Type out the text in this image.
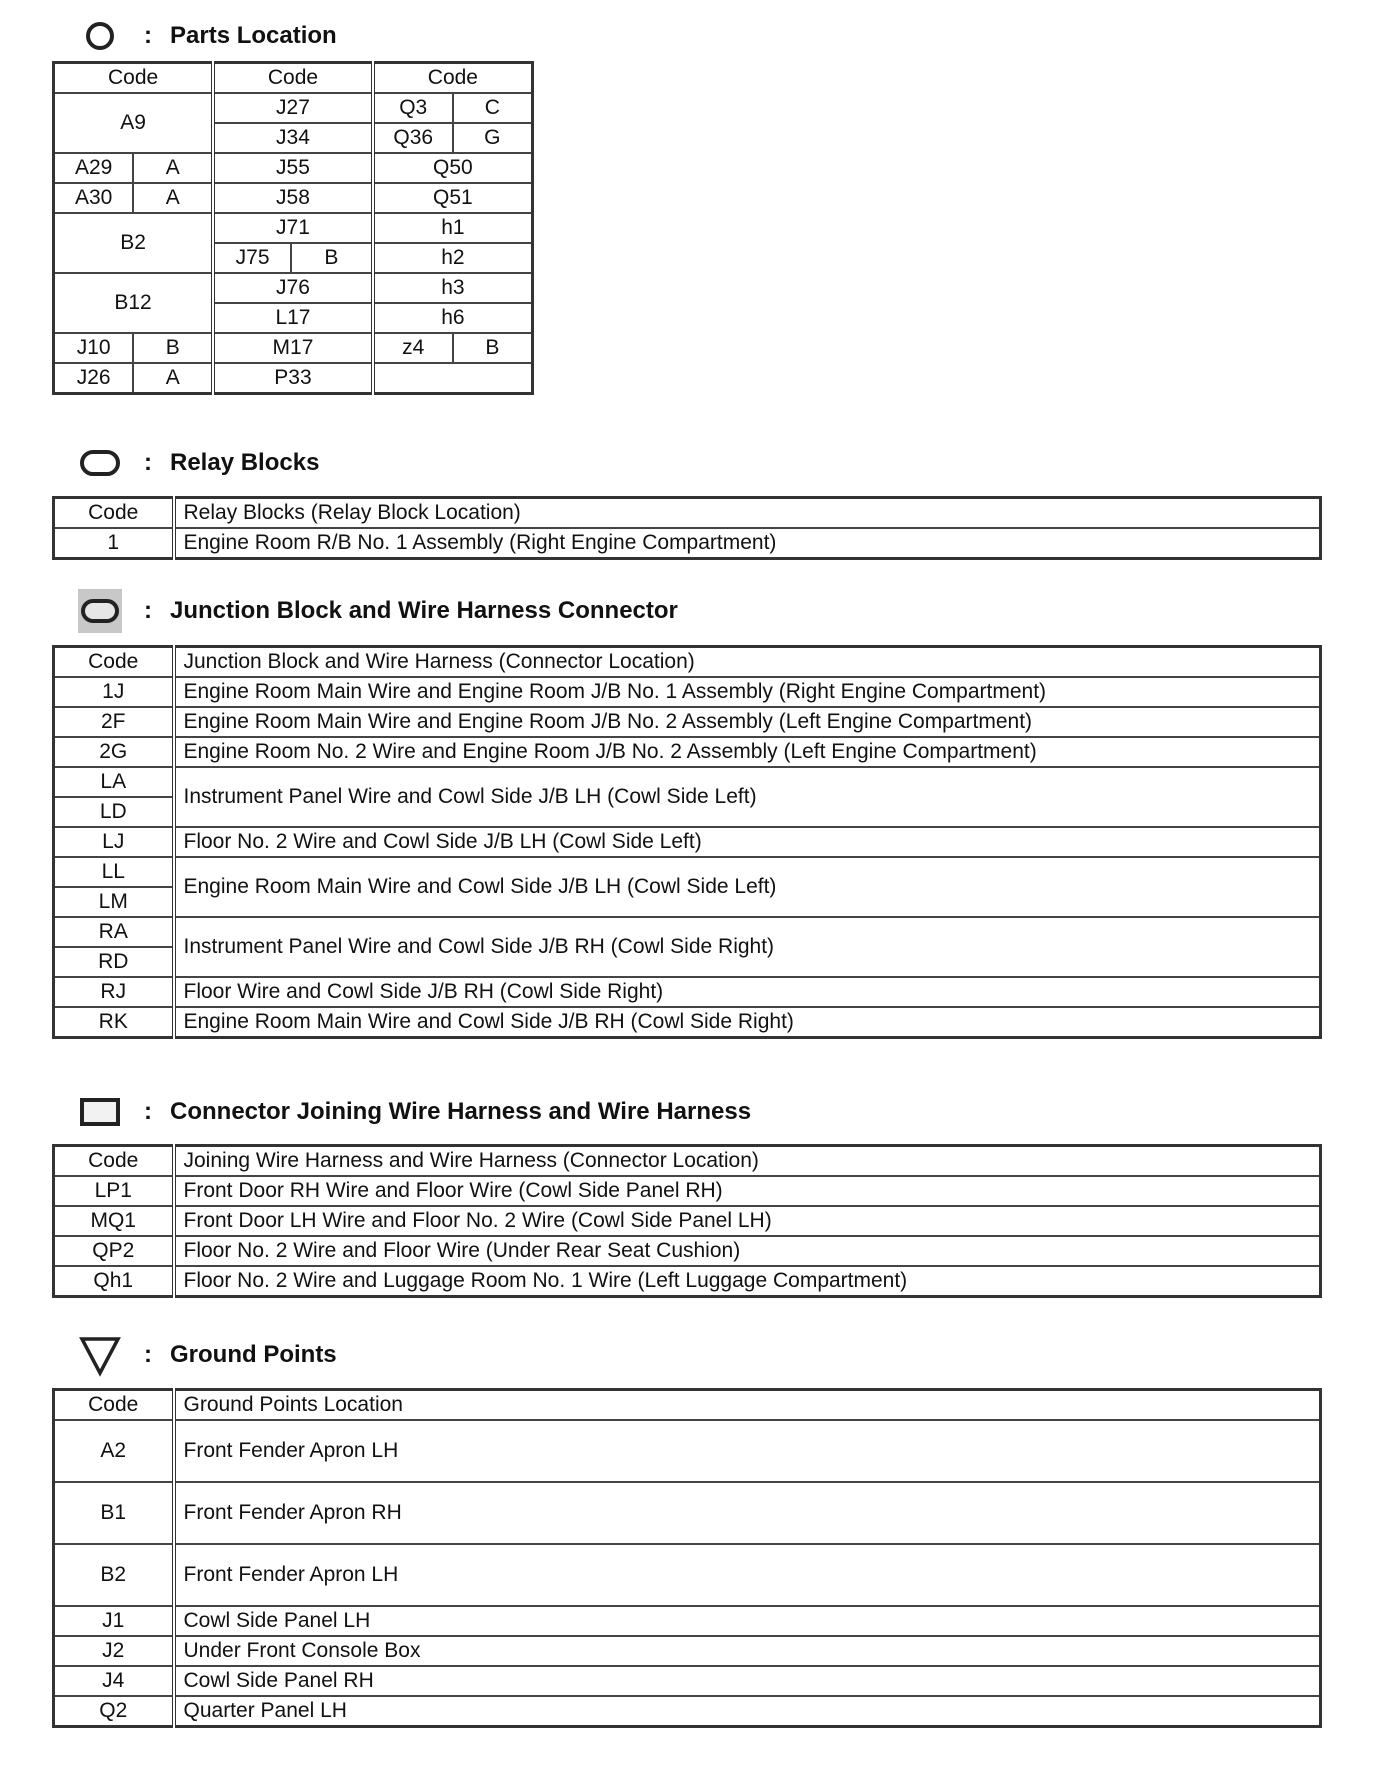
: Parts Location
Code		Code		Code	
A9		J27		Q3	C
		J34		Q36	G
A29	A	J55		Q50	
A30	A	J58		Q51	
B2		J71		h1	
		J75	B	h2	
B12		J76		h3	
		L17		h6	
J10	B	M17		z4	B
J26	A	P33			
: Relay Blocks
Code	Relay Blocks (Relay Block Location)
1	Engine Room R/B No. 1 Assembly (Right Engine Compartment)
: Junction Block and Wire Harness Connector
Code	Junction Block and Wire Harness (Connector Location)
1J	Engine Room Main Wire and Engine Room J/B No. 1 Assembly (Right Engine Compartment)
2F	Engine Room Main Wire and Engine Room J/B No. 2 Assembly (Left Engine Compartment)
2G	Engine Room No. 2 Wire and Engine Room J/B No. 2 Assembly (Left Engine Compartment)
LA	Instrument Panel Wire and Cowl Side J/B LH (Cowl Side Left)
LD	
LJ	Floor No. 2 Wire and Cowl Side J/B LH (Cowl Side Left)
LL	Engine Room Main Wire and Cowl Side J/B LH (Cowl Side Left)
LM	
RA	Instrument Panel Wire and Cowl Side J/B RH (Cowl Side Right)
RD	
RJ	Floor Wire and Cowl Side J/B RH (Cowl Side Right)
RK	Engine Room Main Wire and Cowl Side J/B RH (Cowl Side Right)
: Connector Joining Wire Harness and Wire Harness
Code	Joining Wire Harness and Wire Harness (Connector Location)
LP1	Front Door RH Wire and Floor Wire (Cowl Side Panel RH)
MQ1	Front Door LH Wire and Floor No. 2 Wire (Cowl Side Panel LH)
QP2	Floor No. 2 Wire and Floor Wire (Under Rear Seat Cushion)
Qh1	Floor No. 2 Wire and Luggage Room No. 1 Wire (Left Luggage Compartment)
: Ground Points
Code	Ground Points Location
A2	Front Fender Apron LH
B1	Front Fender Apron RH
B2	Front Fender Apron LH
J1	Cowl Side Panel LH
J2	Under Front Console Box
J4	Cowl Side Panel RH
Q2	Quarter Panel LH
